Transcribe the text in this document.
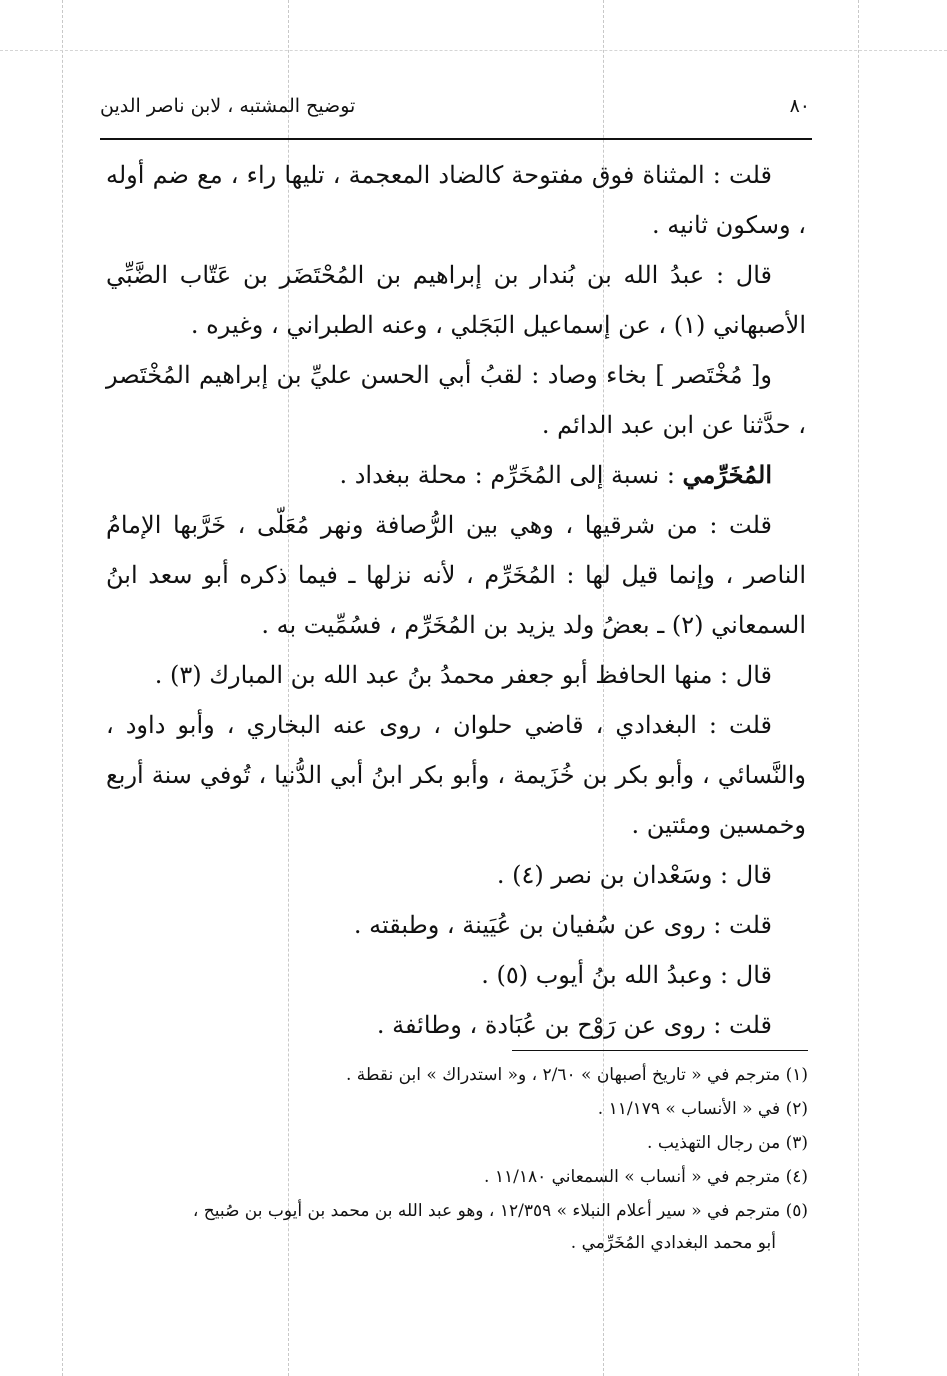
٨٠
توضيح المشتبه ، لابن ناصر الدين

قلت : المثناة فوق مفتوحة كالضاد المعجمة ، تليها راء ، مع ضم أوله ، وسكون ثانيه .

قال : عبدُ الله بن بُندار بن إبراهيم بن المُحْتَضَر بن عَتّاب الضَّبِّي الأصبهاني (١) ، عن إسماعيل البَجَلي ، وعنه الطبراني ، وغيره .

و[ مُخْتَصر ] بخاء وصاد : لقبُ أبي الحسن عليِّ بن إبراهيم المُخْتَصر ، حدَّثنا عن ابن عبد الدائم .

المُخَرِّمي : نسبة إلى المُخَرِّم : محلة ببغداد .

قلت : من شرقيها ، وهي بين الرُّصافة ونهر مُعَلّى ، خَرَّبها الإمامُ الناصر ، وإنما قيل لها : المُخَرِّم ، لأنه نزلها ـ فيما ذكره أبو سعد ابنُ السمعاني (٢) ـ بعضُ ولد يزيد بن المُخَرِّم ، فسُمِّيت به .

قال : منها الحافظ أبو جعفر محمدُ بنُ عبد الله بن المبارك (٣) .

قلت : البغدادي ، قاضي حلوان ، روى عنه البخاري ، وأبو داود ، والنَّسائي ، وأبو بكر بن خُزَيمة ، وأبو بكر ابنُ أبي الدُّنيا ، تُوفي سنة أربع وخمسين ومئتين .

قال : وسَعْدان بن نصر (٤) .

قلت : روى عن سُفيان بن عُيَينة ، وطبقته .

قال : وعبدُ الله بنُ أيوب (٥) .

قلت : روى عن رَوْح بن عُبَادة ، وطائفة .

(١) مترجم في « تاريخ أصبهان » ٢/٦٠ ، و« استدراك » ابن نقطة .

(٢) في « الأنساب » ١١/١٧٩ .

(٣) من رجال التهذيب .

(٤) مترجم في « أنساب » السمعاني ١١/١٨٠ .

(٥) مترجم في « سير أعلام النبلاء » ١٢/٣٥٩ ، وهو عبد الله بن محمد بن أيوب بن صُبيح ،

أبو محمد البغدادي المُخَرِّمي .
